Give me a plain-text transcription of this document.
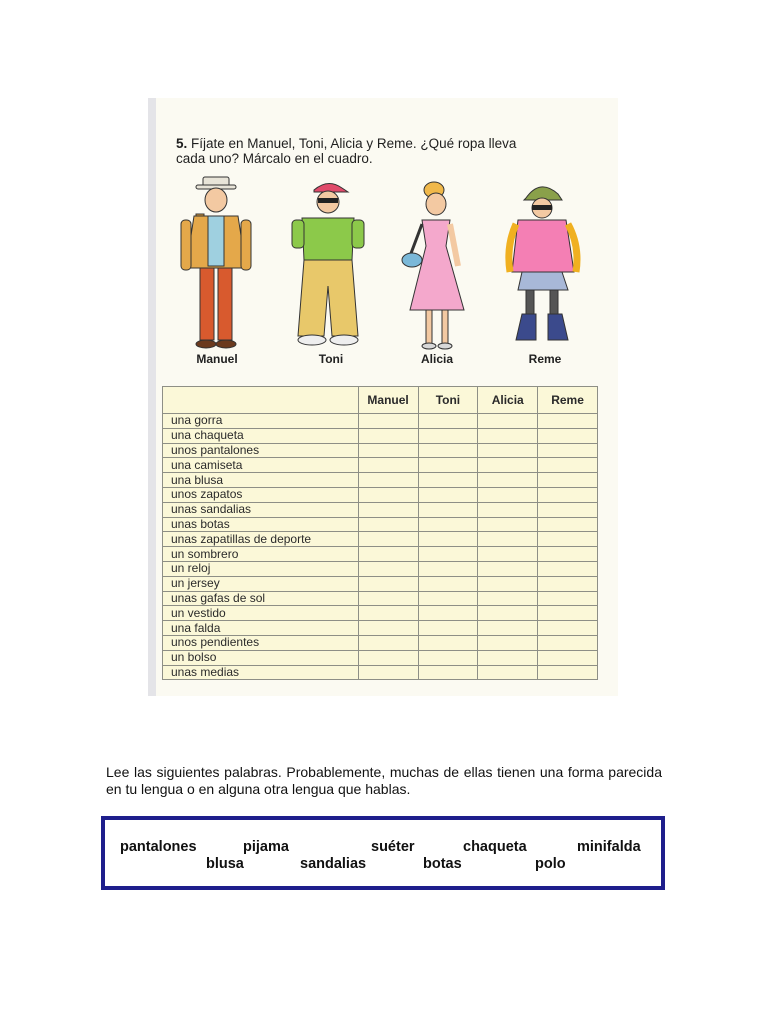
5. Fíjate en Manuel, Toni, Alicia y Reme. ¿Qué ropa lleva
cada uno? Márcalo en el cuadro.
Manuel	Toni	Alicia	Reme
	Manuel	Toni	Alicia	Reme
una gorra				
una chaqueta				
unos pantalones				
una camiseta				
una blusa				
unos zapatos				
unas sandalias				
unas botas				
unas zapatillas de deporte				
un sombrero				
un reloj				
un jersey				
unas gafas de sol				
un vestido				
una falda				
unos pendientes				
un bolso				
unas medias				
Lee las siguientes palabras. Probablemente, muchas de ellas tienen una forma parecida en tu lengua o en alguna otra lengua que hablas.
pantalones	pijama	suéter	chaqueta	minifalda
blusa	sandalias	botas	polo
